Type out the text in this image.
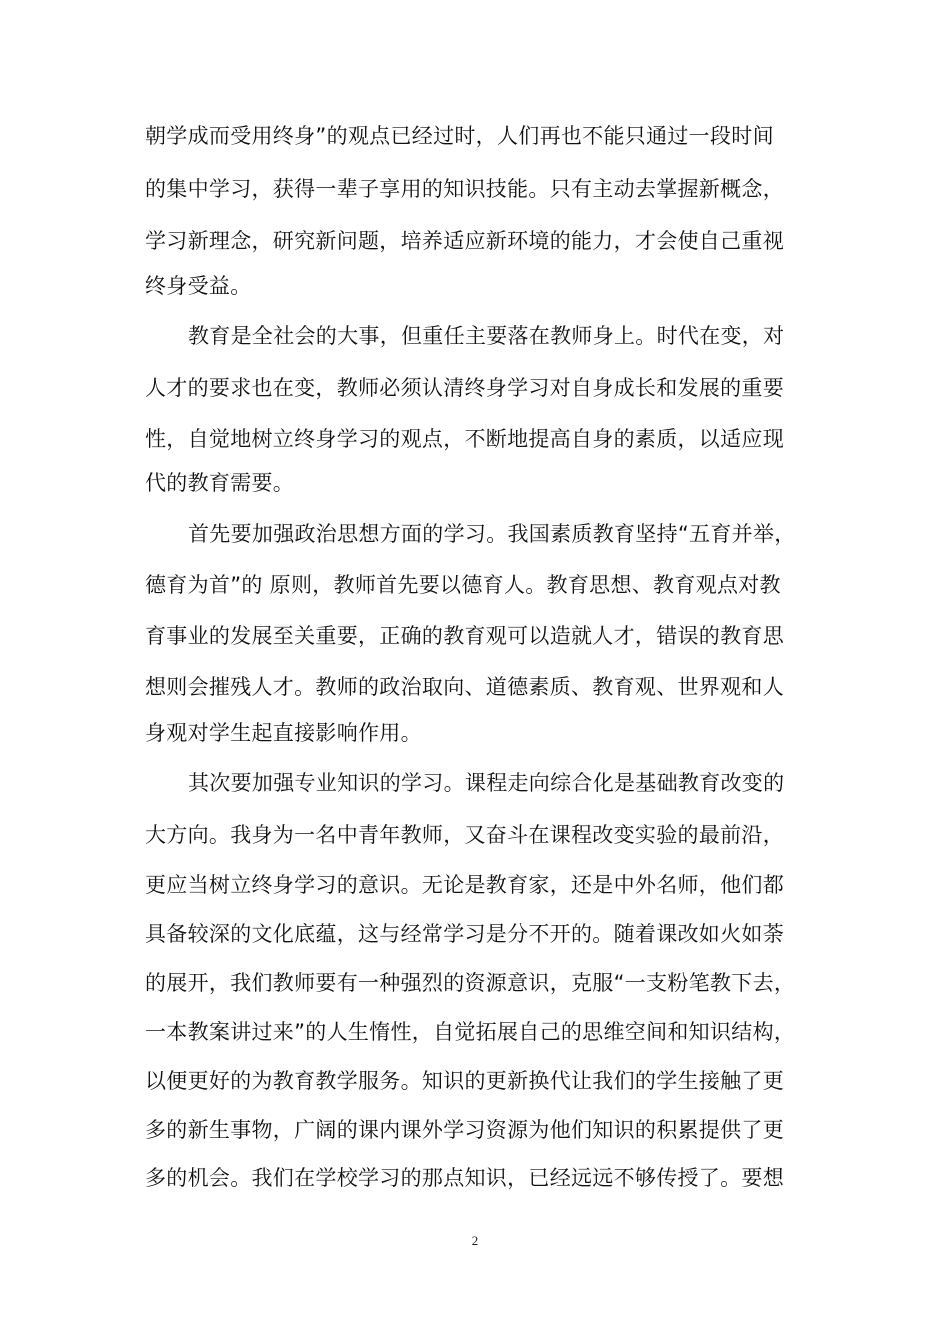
朝学成而受用终身”的观点已经过时，人们再也不能只通过一段时间
的集中学习，获得一辈子享用的知识技能。只有主动去掌握新概念，
学习新理念，研究新问题，培养适应新环境的能力，才会使自己重视
终身受益。
教育是全社会的大事，但重任主要落在教师身上。时代在变，对
人才的要求也在变，教师必须认清终身学习对自身成长和发展的重要
性，自觉地树立终身学习的观点，不断地提高自身的素质，以适应现
代的教育需要。
首先要加强政治思想方面的学习。我国素质教育坚持“五育并举，
德育为首”的 原则，教师首先要以德育人。教育思想、教育观点对教
育事业的发展至关重要，正确的教育观可以造就人才，错误的教育思
想则会摧残人才。教师的政治取向、道德素质、教育观、世界观和人
身观对学生起直接影响作用。
其次要加强专业知识的学习。课程走向综合化是基础教育改变的
大方向。我身为一名中青年教师，又奋斗在课程改变实验的最前沿，
更应当树立终身学习的意识。无论是教育家，还是中外名师，他们都
具备较深的文化底蕴，这与经常学习是分不开的。随着课改如火如荼
的展开，我们教师要有一种强烈的资源意识，克服“一支粉笔教下去，
一本教案讲过来”的人生惰性，自觉拓展自己的思维空间和知识结构，
以便更好的为教育教学服务。知识的更新换代让我们的学生接触了更
多的新生事物，广阔的课内课外学习资源为他们知识的积累提供了更
多的机会。我们在学校学习的那点知识，已经远远不够传授了。要想
2
